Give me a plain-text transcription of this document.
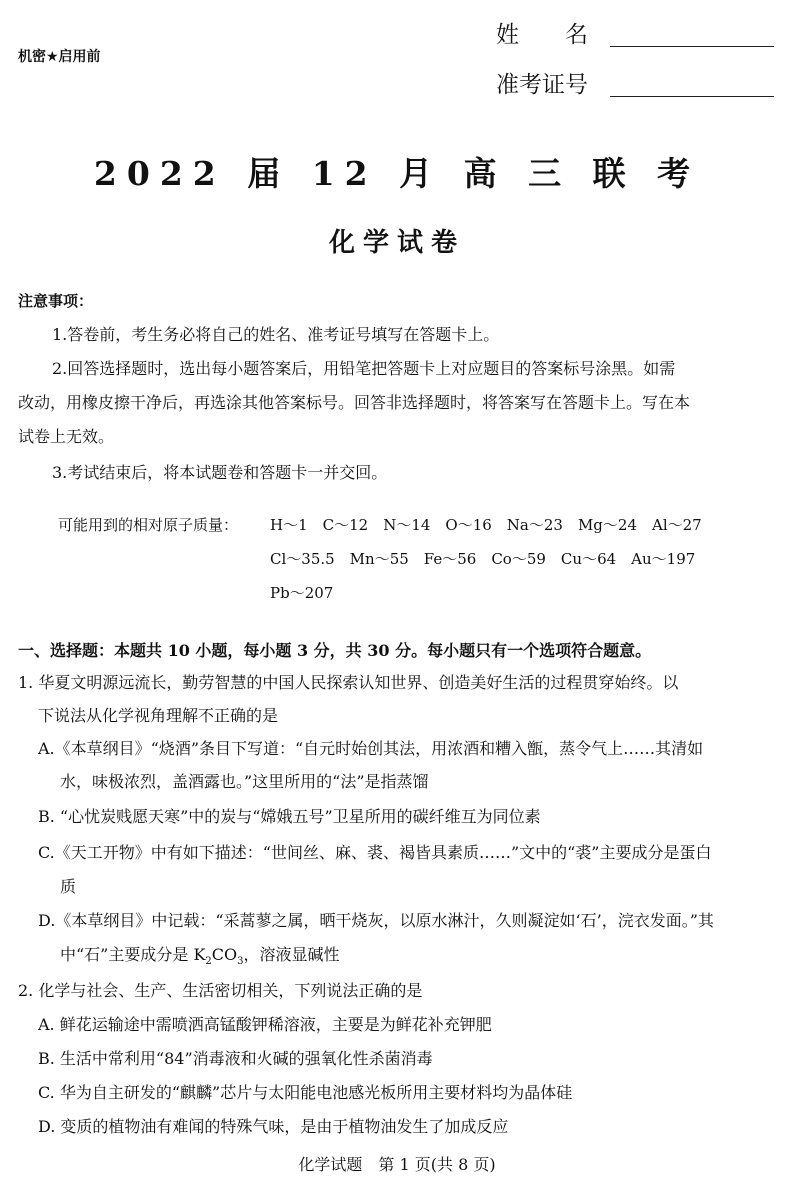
机密★启用前
姓　　名
准考证号
2022 届 12 月 高 三 联 考
化学试卷
注意事项：
1.答卷前，考生务必将自己的姓名、准考证号填写在答题卡上。
2.回答选择题时，选出每小题答案后，用铅笔把答题卡上对应题目的答案标号涂黑。如需
改动，用橡皮擦干净后，再选涂其他答案标号。回答非选择题时，将答案写在答题卡上。写在本
试卷上无效。
3.考试结束后，将本试题卷和答题卡一并交回。
可能用到的相对原子质量： H～1　C～12　N～14　O～16　Na～23　Mg～24　Al～27
Cl～35.5　Mn～55　Fe～56　Co～59　Cu～64　Au～197
Pb～207
一、选择题：本题共 10 小题，每小题 3 分，共 30 分。每小题只有一个选项符合题意。
1. 华夏文明源远流长，勤劳智慧的中国人民探索认知世界、创造美好生活的过程贯穿始终。以
下说法从化学视角理解不正确的是
A.《本草纲目》“烧酒”条目下写道：“自元时始创其法，用浓酒和糟入甑，蒸令气上……其清如
水，味极浓烈，盖酒露也。”这里所用的“法”是指蒸馏
B. “心忧炭贱愿天寒”中的炭与“嫦娥五号”卫星所用的碳纤维互为同位素
C.《天工开物》中有如下描述：“世间丝、麻、裘、褐皆具素质……”文中的“裘”主要成分是蛋白
质
D.《本草纲目》中记载：“采蒿蓼之属，晒干烧灰，以原水淋汁，久则凝淀如‘石’，浣衣发面。”其
中“石”主要成分是 $K_2CO_3$，溶液显碱性
2. 化学与社会、生产、生活密切相关，下列说法正确的是
A. 鲜花运输途中需喷洒高锰酸钾稀溶液，主要是为鲜花补充钾肥
B. 生活中常利用“84”消毒液和火碱的强氧化性杀菌消毒
C. 华为自主研发的“麒麟”芯片与太阳能电池感光板所用主要材料均为晶体硅
D. 变质的植物油有难闻的特殊气味，是由于植物油发生了加成反应
化学试题　第 1 页(共 8 页)
